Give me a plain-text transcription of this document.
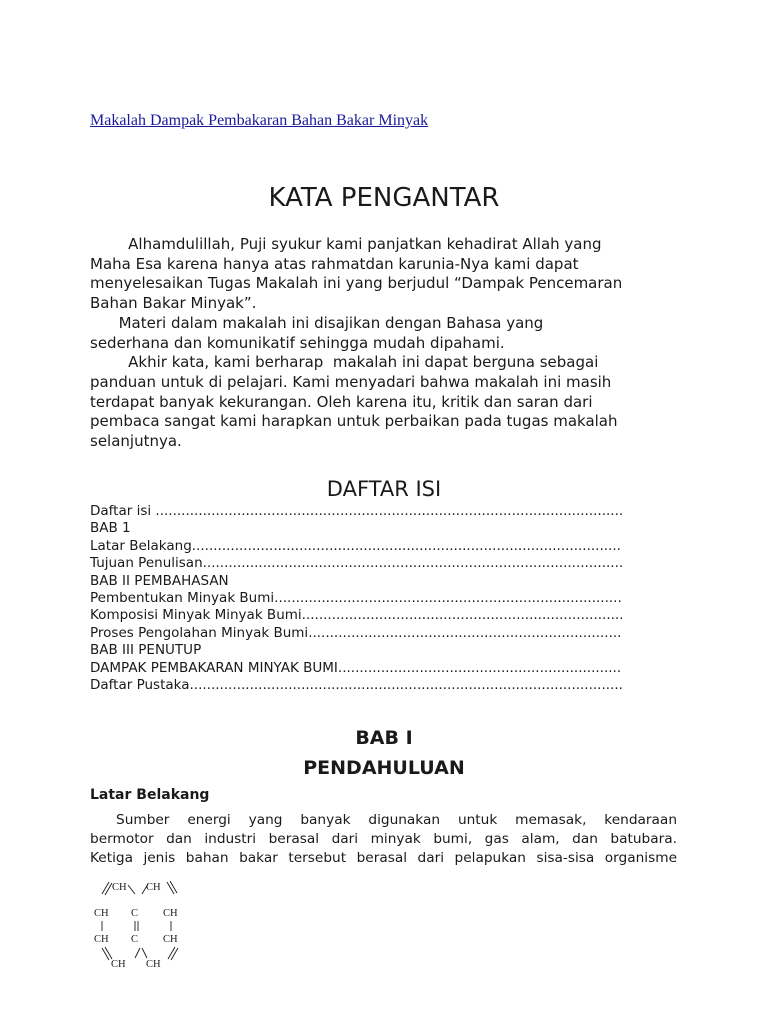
Makalah Dampak Pembakaran Bahan Bakar Minyak
KATA PENGANTAR

Alhamdulillah, Puji syukur kami panjatkan kehadirat Allah yang
Maha Esa karena hanya atas rahmatdan karunia-Nya kami dapat
menyelesaikan Tugas Makalah ini yang berjudul “Dampak Pencemaran
Bahan Bakar Minyak”.
Materi dalam makalah ini disajikan dengan Bahasa yang
sederhana dan komunikatif sehingga mudah dipahami.
Akhir kata, kami berharap  makalah ini dapat berguna sebagai
panduan untuk di pelajari. Kami menyadari bahwa makalah ini masih
terdapat banyak kekurangan. Oleh karena itu, kritik dan saran dari
pembaca sangat kami harapkan untuk perbaikan pada tugas makalah
selanjutnya.

DAFTAR ISI
Daftar isi
.....
BAB 1
Latar Belakang
.....
Tujuan Penulisan
.....
BAB II PEMBAHASAN
Pembentukan Minyak Bumi
.....
Komposisi Minyak Minyak Bumi
.....
Proses Pengolahan Minyak Bumi
.....
BAB III PENUTUP
DAMPAK PEMBAKARAN MINYAK BUMI
.....
Daftar Pustaka
.....
BAB I
PENDAHULUAN
Latar Belakang
Sumber energi yang banyak digunakan untuk memasak, kendaraan
bermotor dan industri berasal dari minyak bumi, gas alam, dan batubara.
Ketiga jenis bahan bakar tersebut berasal dari pelapukan sisa-sisa organisme
CH CH
CH C CH
CH C CH
CH CH
